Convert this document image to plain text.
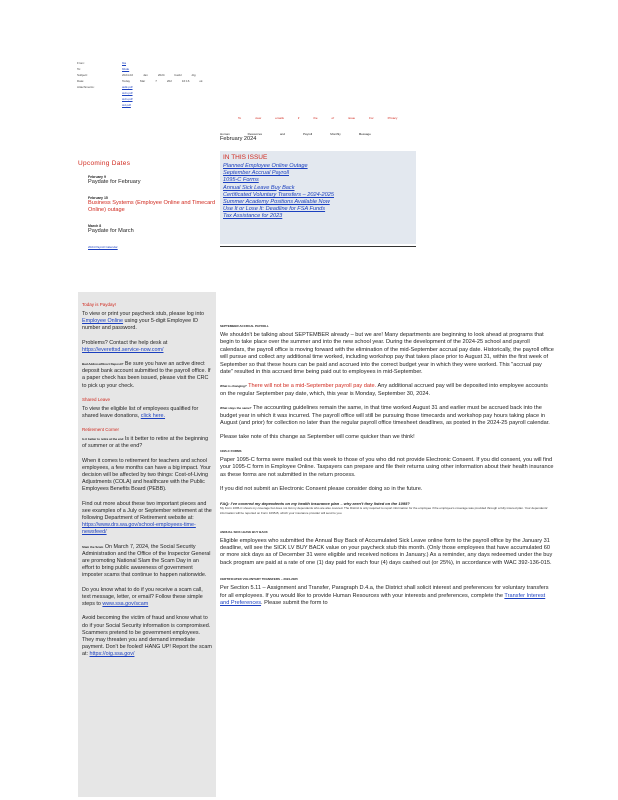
From:	bla
To:	blkde
Subject:	2024-02	Jan	2024	backl	dig
Date:	Today	Mar	7	202	16:16	ok
Attachments:	aidk.pdf
sidn.pdf
sidn.pdf
sid.pdf
To	view	emails	if	the	of	issue	For	Privacy
Human	Resources	and	Payroll	Monthly	Message
February 2024
IN THIS ISSUE
Planned Employee Online Outage
September Accrual Payroll
1095-C Forms
Annual Sick Leave Buy Back
Certificated Voluntary Transfers – 2024-2025
Summer Academy Positions Available Now
Use It or Lose It: Deadline for FSA Funds
Tax Assistance for 2023
Upcoming Dates
February 9
Paydate for February
February 15
Business Systems (Employee Online and Timecard Online) outage
March 8
Paydate for March
2024 Payroll Calendar
Today is Payday!

To view or print your paycheck stub, please log into Employee Online using your 5-digit Employee ID number and password.

Problems? Contact the help desk at https://everettsd.service-now.com/

Bad Address/Direct Deposit? Be sure you have an active direct deposit bank account submitted to the payroll office. If a paper check has been issued, please visit the CRC to pick up your check.

Shared Leave

To view the eligible list of employees qualified for shared leave donations, click here.

Retirement Corner

Is it better to retire at the end Is it better to retire at the beginning of summer or at the end?

When it comes to retirement for teachers and school employees, a few months can have a big impact. Your decision will be affected by two things: Cost-of-Living Adjustments (COLA) and healthcare with the Public Employees Benefits Board (PEBB).

Find out more about these two important pieces and see examples of a July or September retirement at the following Department of Retirement website at: https://www.drs.wa.gov/school-employees-time-newsfeed/

Slam the Scam On March 7, 2024, the Social Security Administration and the Office of the Inspector General are promoting National Slam the Scam Day in an effort to bring public awareness of government imposter scams that continue to happen nationwide.

Do you know what to do if you receive a scam call, text message, letter, or email? Follow these simple steps to www.ssa.gov/scam

Avoid becoming the victim of fraud and know what to do if your Social Security information is compromised. Scammers pretend to be government employees. They may threaten you and demand immediate payment. Don't be fooled! HANG UP! Report the scam at: https://oig.ssa.gov/

SEPTEMBER ACCRUAL PAYROLL

We shouldn't be talking about SEPTEMBER already – but we are! Many departments are beginning to look ahead at programs that begin to take place over the summer and into the new school year. During the development of the 2024-25 school and payroll calendars, the payroll office is moving forward with the elimination of the mid-September accrual pay date. Historically, the payroll office will pursue and collect any additional time worked, including workshop pay that takes place prior to August 31, within the first week of September so that these hours can be paid and accrued into the correct budget year in which they were worked. This "accrual pay date" resulted in this accrued time being paid out to employees in mid-September.

What is changing? There will not be a mid-September payroll pay date. Any additional accrued pay will be deposited into employee accounts on the regular September pay date, which, this year is Monday, September 30, 2024.

What stays the same? The accounting guidelines remain the same, in that time worked August 31 and earlier must be accrued back into the budget year in which it was incurred. The payroll office will still be pursuing those timecards and workshop pay hours taking place in August (and prior) for collection no later than the regular payroll office timesheet deadlines, as posted in the 2024-25 payroll calendar.

Please take note of this change as September will come quicker than we think!

1095-C FORMS

Paper 1095-C forms were mailed out this week to those of you who did not provide Electronic Consent. If you did consent, you will find your 1095-C form in Employee Online. Taxpayers can prepare and file their returns using other information about their health insurance as these forms are not submitted in the return process.

If you did not submit an Electronic Consent please consider doing so in the future.

FAQ: I've covered my dependents on my health insurance plan – why aren't they listed on the 1095?
My Form 1095-C shows my coverage but does not list my dependents who are also covered. The District is only required to report information for the employee if the employee's coverage was provided through a fully insured plan. Your dependents' information will be reported on Form 1095-B, which your insurance provider will send to you.
ANNUAL SICK LEAVE BUY BACK

Eligible employees who submitted the Annual Buy Back of Accumulated Sick Leave online form to the payroll office by the January 31 deadline, will see the SICK LV BUY BACK value on your paycheck stub this month. (Only those employees that have accumulated 60 or more sick days as of December 31 were eligible and received notices in January.) As a reminder, any days redeemed under the buy back program are paid at a rate of one (1) day paid for each four (4) days cashed out (or 25%), in accordance with WAC 392-136-015.

CERTIFICATED VOLUNTARY TRANSFERS – 2024-2025

Per Section 5.11 – Assignment and Transfer, Paragraph D.4.a, the District shall solicit interest and preferences for voluntary transfers for all employees. If you would like to provide Human Resources with your interests and preferences, complete the Transfer Interest and Preferences. Please submit the form to
